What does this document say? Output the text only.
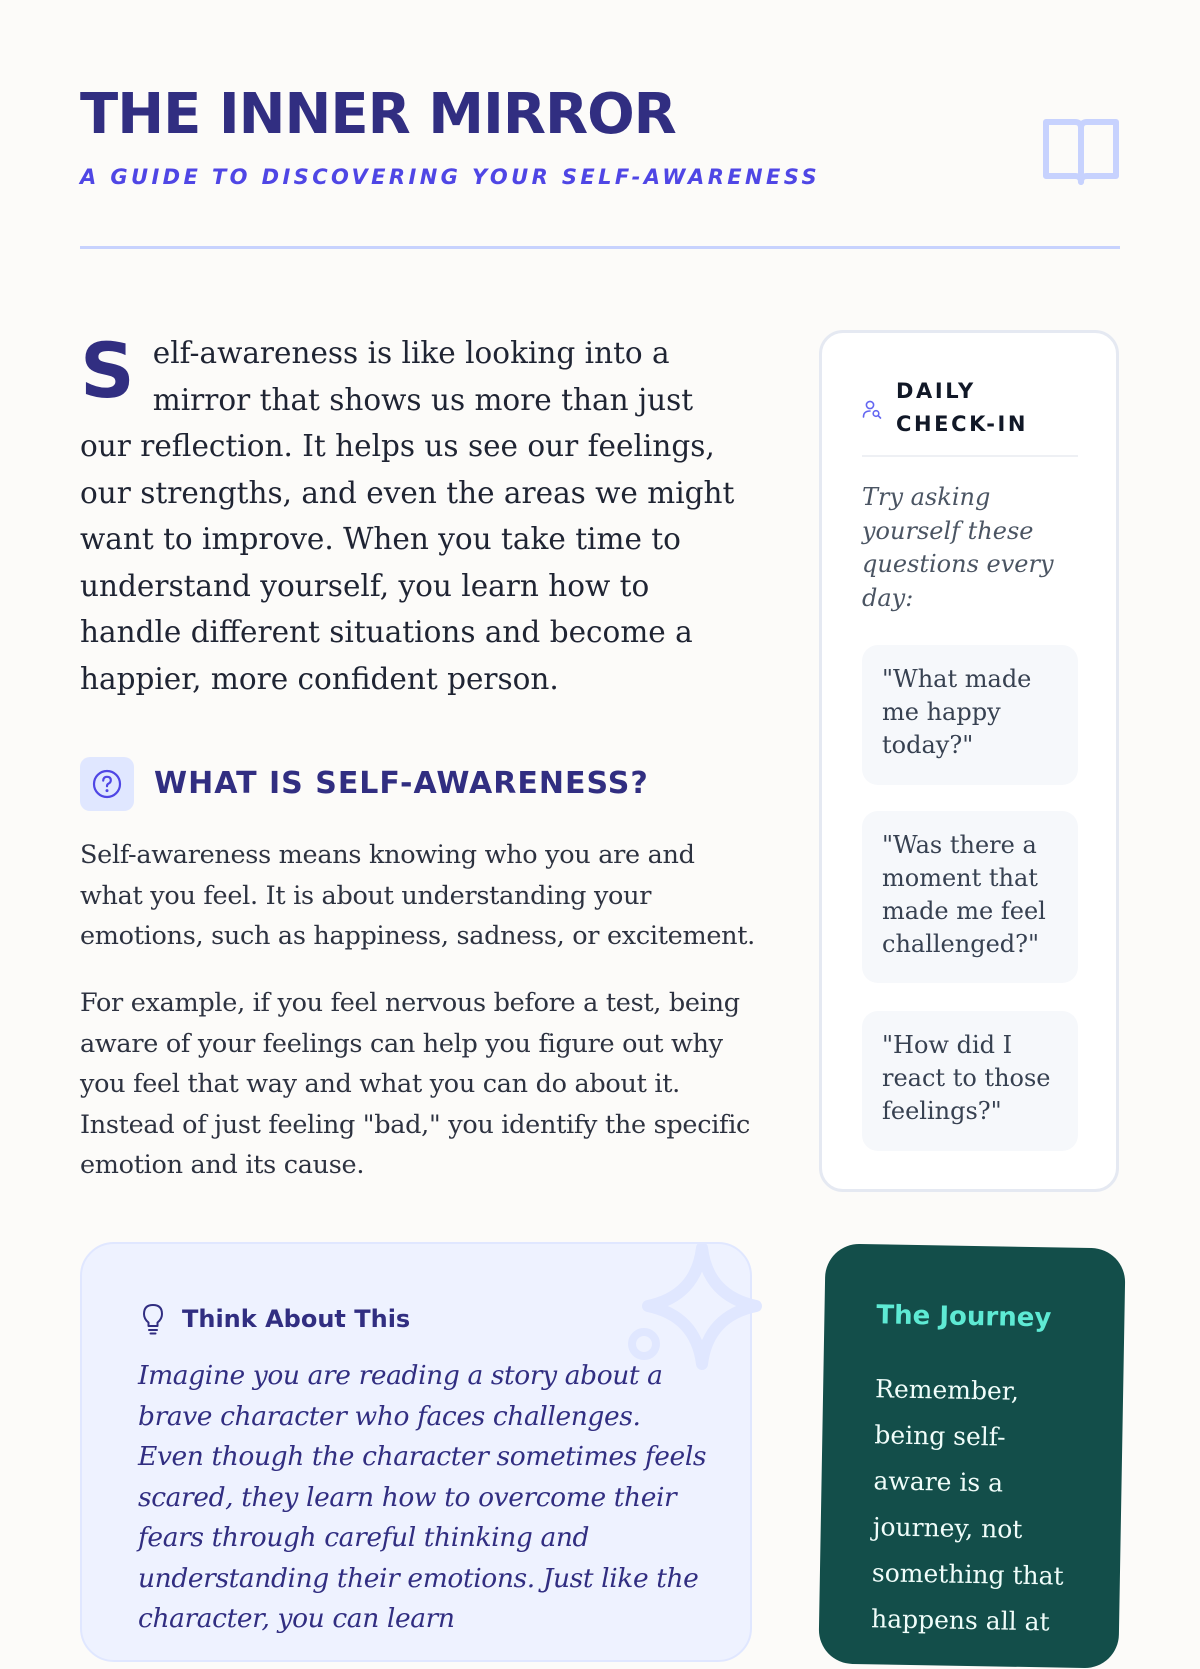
THE INNER MIRROR

A GUIDE TO DISCOVERING YOUR SELF-AWARENESS

S elf-awareness is like looking into a mirror that shows us more than just our reflection. It helps us see our feelings, our strengths, and even the areas we might want to improve. When you take time to understand yourself, you learn how to handle different situations and become a happier, more confident person.
WHAT IS SELF-AWARENESS?

Self-awareness means knowing who you are and what you feel. It is about understanding your emotions, such as happiness, sadness, or excitement.

For example, if you feel nervous before a test, being aware of your feelings can help you figure out why you feel that way and what you can do about it. Instead of just feeling "bad," you identify the specific emotion and its cause.

DAILY CHECK-IN

Try asking yourself these questions every day:

"What made me happy today?"
"Was there a moment that made me feel challenged?"
"How did I react to those feelings?"
Think About This

Imagine you are reading a story about a brave character who faces challenges. Even though the character sometimes feels scared, they learn how to overcome their fears through careful thinking and understanding their emotions. Just like the character, you can learn

The Journey

Remember, being self-aware is a journey, not something that happens all at
